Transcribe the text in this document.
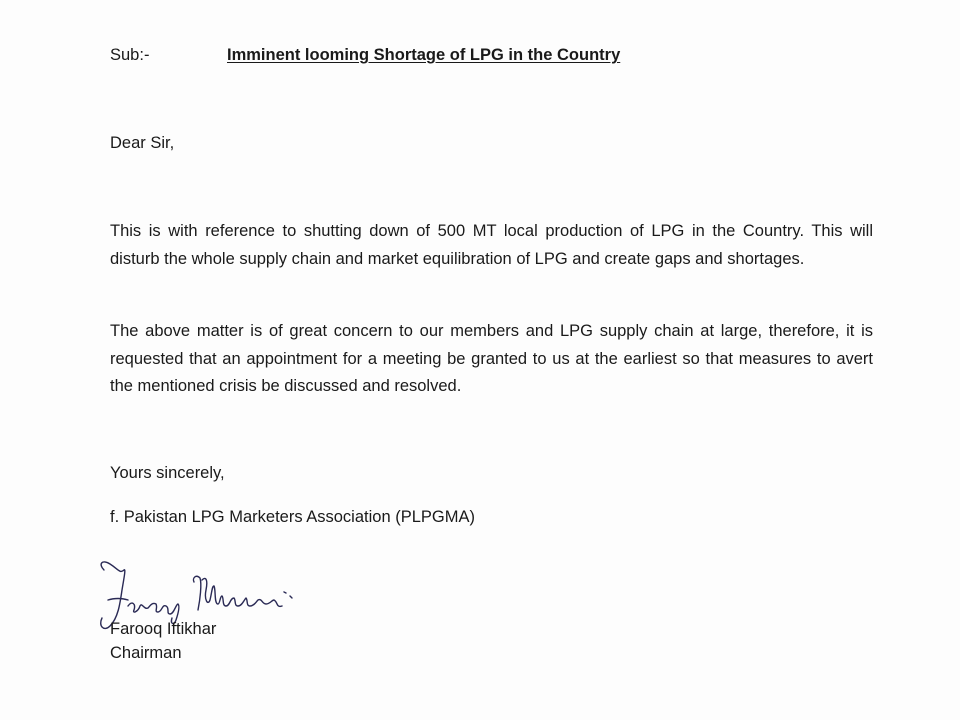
Sub:-	Imminent looming Shortage of LPG in the Country
Dear Sir,
This is with reference to shutting down of 500 MT local production of LPG in the Country. This will disturb the whole supply chain and market equilibration of LPG and create gaps and shortages.
The above matter is of great concern to our members and LPG supply chain at large, therefore, it is requested that an appointment for a meeting be granted to us at the earliest so that measures to avert the mentioned crisis be discussed and resolved.
Yours sincerely,
f. Pakistan LPG Marketers Association (PLPGMA)
Farooq Iftikhar
Chairman
